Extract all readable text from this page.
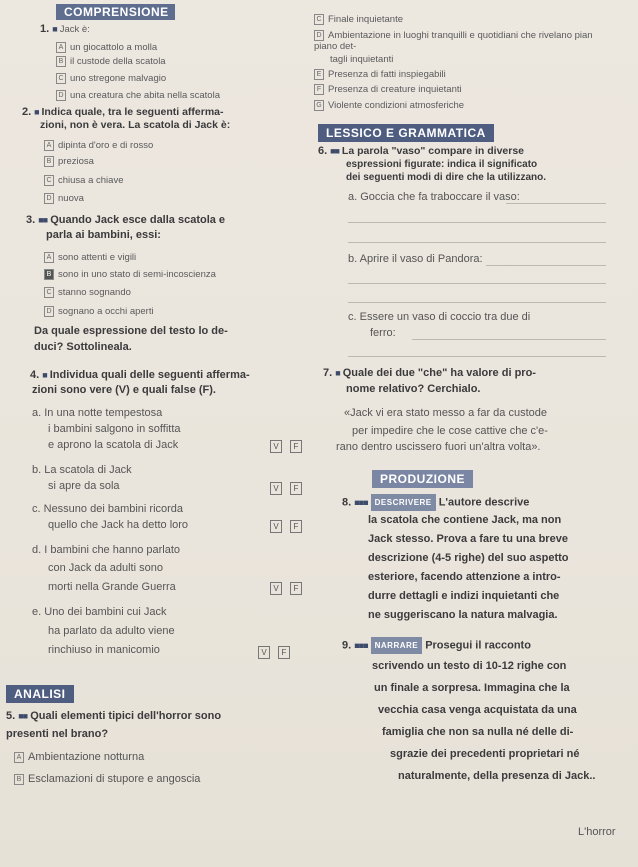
COMPRENSIONE
1. ■ Jack è:
A un giocattolo a molla
B il custode della scatola
C uno stregone malvagio
D una creatura che abita nella scatola
2. ■ Indica quale, tra le seguenti afferma-
zioni, non è vera. La scatola di Jack è:
A dipinta d'oro e di rosso
B preziosa
C chiusa a chiave
D nuova
3. ■■ Quando Jack esce dalla scatola e
parla ai bambini, essi:
A sono attenti e vigili
B sono in uno stato di semi-incoscienza
C stanno sognando
D sognano a occhi aperti
Da quale espressione del testo lo de-
duci? Sottolineala.
4. ■ Individua quali delle seguenti afferma-
zioni sono vere (V) e quali false (F).
a. In una notte tempestosa
i bambini salgono in soffitta
e aprono la scatola di Jack	V F
b. La scatola di Jack
si apre da sola	V F
c. Nessuno dei bambini ricorda
quello che Jack ha detto loro	V F
d. I bambini che hanno parlato
con Jack da adulti sono
morti nella Grande Guerra	V F
e. Uno dei bambini cui Jack
ha parlato da adulto viene
rinchiuso in manicomio	V F
ANALISI
5. ■■ Quali elementi tipici dell'horror sono
presenti nel brano?
A Ambientazione notturna
B Esclamazioni di stupore e angoscia
C Finale inquietante
D Ambientazione in luoghi tranquilli e quotidiani che rivelano pian piano det-
tagli inquietanti
E Presenza di fatti inspiegabili
F Presenza di creature inquietanti
G Violente condizioni atmosferiche
LESSICO E GRAMMATICA
6. ■■ La parola "vaso" compare in diverse
espressioni figurate: indica il significato
dei seguenti modi di dire che la utilizzano.
a. Goccia che fa traboccare il vaso:
b. Aprire il vaso di Pandora:
c. Essere un vaso di coccio tra due di
ferro:
7. ■ Quale dei due "che" ha valore di pro-
nome relativo? Cerchialo.
«Jack vi era stato messo a far da custode
per impedire che le cose cattive che c'e-
rano dentro uscissero fuori un'altra volta».
PRODUZIONE
8. ■■■ DESCRIVERE L'autore descrive
la scatola che contiene Jack, ma non
Jack stesso. Prova a fare tu una breve
descrizione (4-5 righe) del suo aspetto
esteriore, facendo attenzione a intro-
durre dettagli e indizi inquietanti che
ne suggeriscano la natura malvagia.
9. ■■■ NARRARE Prosegui il racconto
scrivendo un testo di 10-12 righe con
un finale a sorpresa. Immagina che la
vecchia casa venga acquistata da una
famiglia che non sa nulla né delle di-
sgrazie dei precedenti proprietari né
naturalmente, della presenza di Jack..
L'horror
